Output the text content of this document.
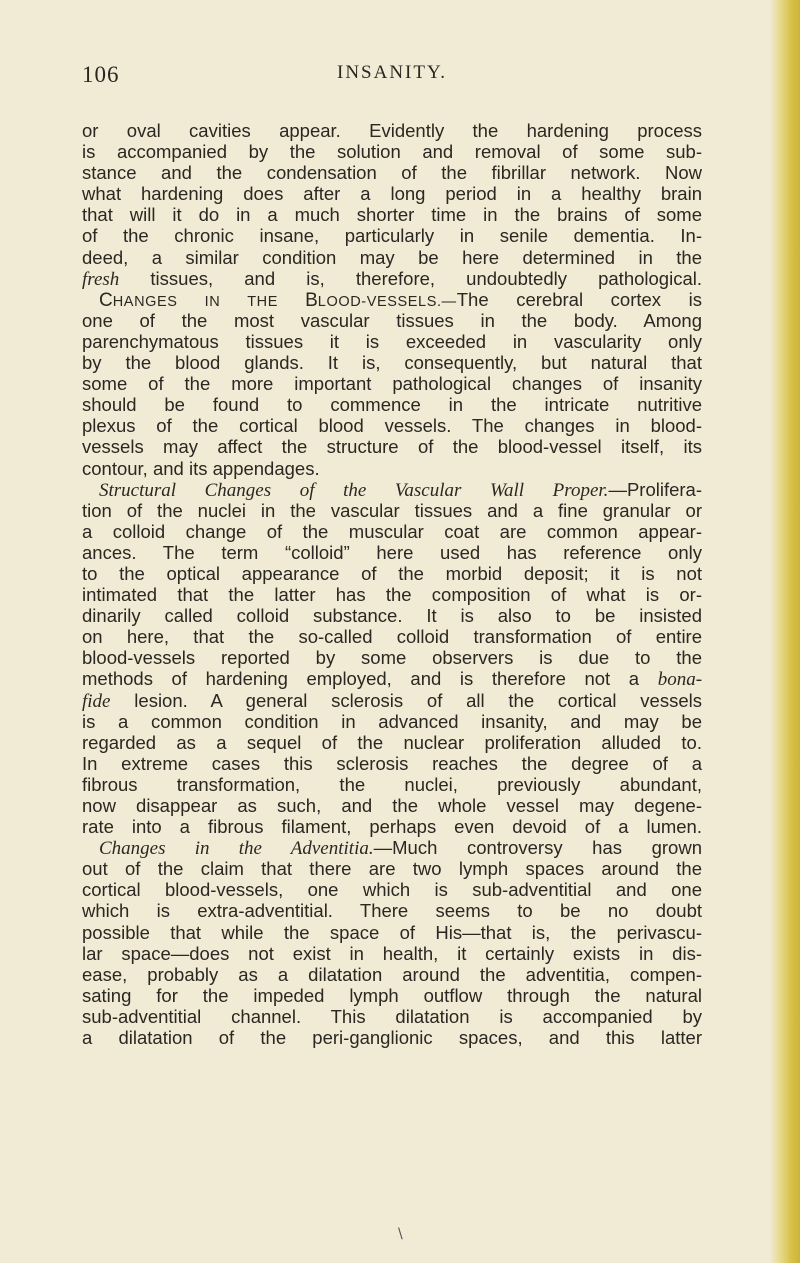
106	INSANITY.
or oval cavities appear. Evidently the hardening process
is accompanied by the solution and removal of some sub-
stance and the condensation of the fibrillar network. Now
what hardening does after a long period in a healthy brain
that will it do in a much shorter time in the brains of some
of the chronic insane, particularly in senile dementia. In-
deed, a similar condition may be here determined in the
fresh tissues, and is, therefore, undoubtedly pathological.
CHANGES IN THE BLOOD-VESSELS.—The cerebral cortex is
one of the most vascular tissues in the body. Among
parenchymatous tissues it is exceeded in vascularity only
by the blood glands. It is, consequently, but natural that
some of the more important pathological changes of insanity
should be found to commence in the intricate nutritive
plexus of the cortical blood vessels. The changes in blood-
vessels may affect the structure of the blood-vessel itself, its
contour, and its appendages.
Structural Changes of the Vascular Wall Proper.—Prolifera-
tion of the nuclei in the vascular tissues and a fine granular or
a colloid change of the muscular coat are common appear-
ances. The term “colloid” here used has reference only
to the optical appearance of the morbid deposit; it is not
intimated that the latter has the composition of what is or-
dinarily called colloid substance. It is also to be insisted
on here, that the so-called colloid transformation of entire
blood-vessels reported by some observers is due to the
methods of hardening employed, and is therefore not a bona-
fide lesion. A general sclerosis of all the cortical vessels
is a common condition in advanced insanity, and may be
regarded as a sequel of the nuclear proliferation alluded to.
In extreme cases this sclerosis reaches the degree of a
fibrous transformation, the nuclei, previously abundant,
now disappear as such, and the whole vessel may degene-
rate into a fibrous filament, perhaps even devoid of a lumen.
Changes in the Adventitia.—Much controversy has grown
out of the claim that there are two lymph spaces around the
cortical blood-vessels, one which is sub-adventitial and one
which is extra-adventitial. There seems to be no doubt
possible that while the space of His—that is, the perivascu-
lar space—does not exist in health, it certainly exists in dis-
ease, probably as a dilatation around the adventitia, compen-
sating for the impeded lymph outflow through the natural
sub-adventitial channel. This dilatation is accompanied by
a dilatation of the peri-ganglionic spaces, and this latter
\
